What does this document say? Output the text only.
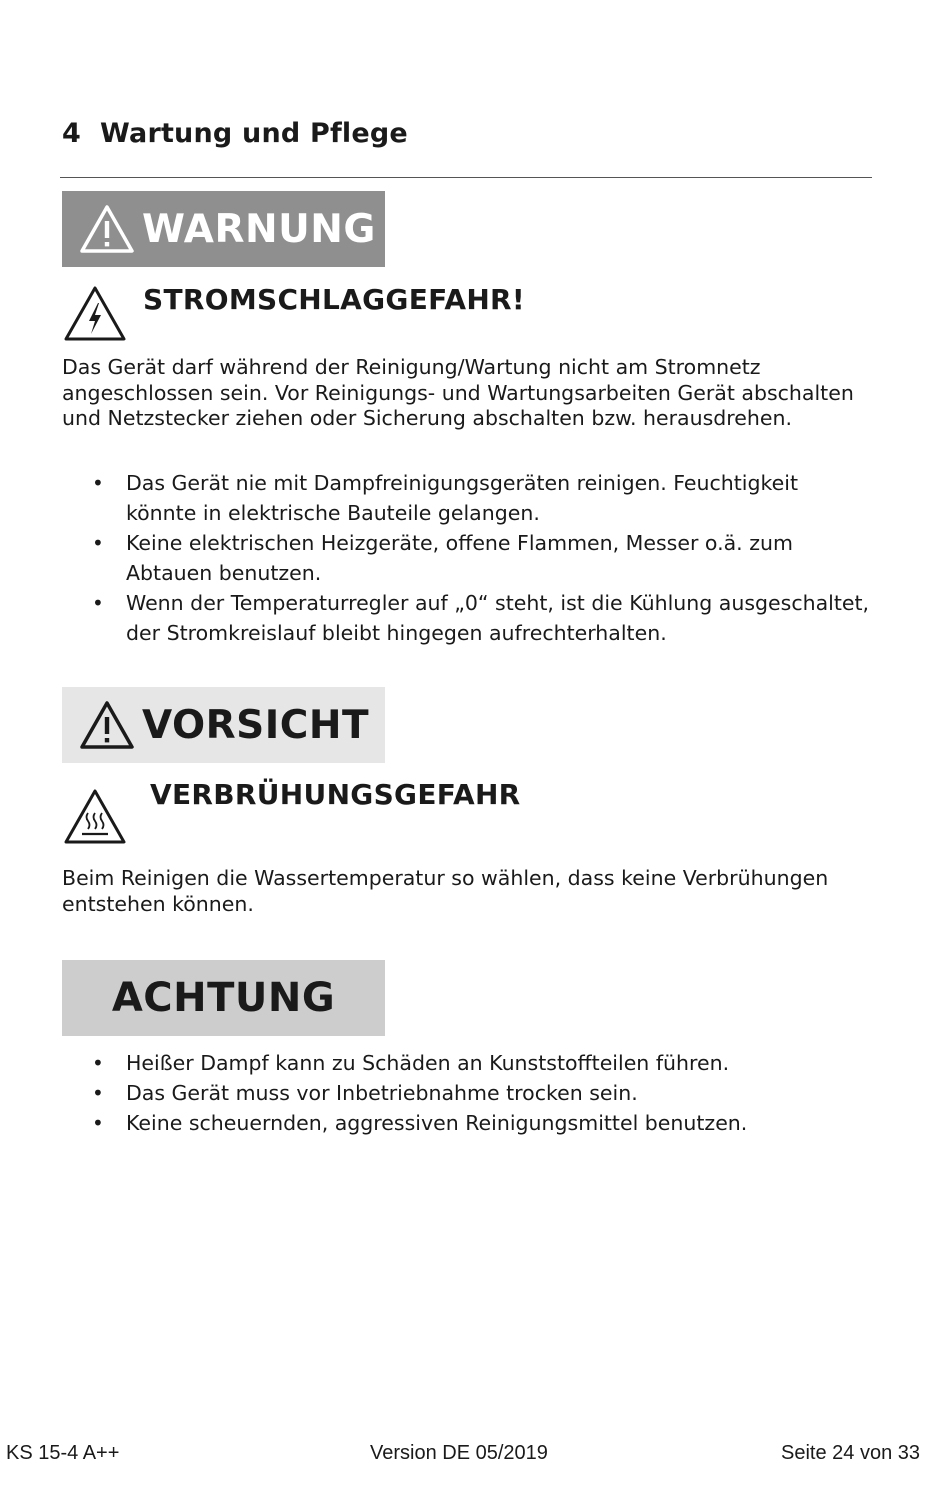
4 Wartung und Pflege
WARNUNG
STROMSCHLAGGEFAHR!

Das Gerät darf während der Reinigung/Wartung nicht am Stromnetz angeschlossen sein. Vor Reinigungs- und Wartungsarbeiten Gerät abschalten und Netzstecker ziehen oder Sicherung abschalten bzw. herausdrehen.

• Das Gerät nie mit Dampfreinigungsgeräten reinigen. Feuchtigkeit könnte in elektrische Bauteile gelangen.
• Keine elektrischen Heizgeräte, offene Flammen, Messer o.ä. zum Abtauen benutzen.
• Wenn der Temperaturregler auf „0“ steht, ist die Kühlung ausgeschaltet, der Stromkreislauf bleibt hingegen aufrechterhalten.
VORSICHT
VERBRÜHUNGSGEFAHR

Beim Reinigen die Wassertemperatur so wählen, dass keine Verbrühungen entstehen können.

ACHTUNG
• Heißer Dampf kann zu Schäden an Kunststoffteilen führen.
• Das Gerät muss vor Inbetriebnahme trocken sein.
• Keine scheuernden, aggressiven Reinigungsmittel benutzen.
KS 15-4 A++	Version DE 05/2019	Seite 24 von 33
